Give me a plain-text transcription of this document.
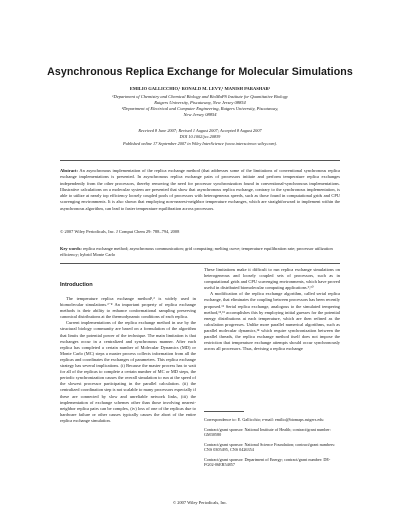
Asynchronous Replica Exchange for Molecular Simulations
EMILIO GALLICCHIO,¹ RONALD M. LEVY,¹ MANISH PARASHAR²
¹Department of Chemistry and Chemical Biology and BioMaPS Institute for Quantitative Biology
Rutgers University, Piscataway, New Jersey 08854
²Department of Electrical and Computer Engineering, Rutgers University, Piscataway,
New Jersey 08854
Received 8 June 2007; Revised 1 August 2007; Accepted 8 August 2007
DOI 10.1002/jcc.20839
Published online 17 September 2007 in Wiley InterScience (www.interscience.wiley.com).
Abstract: An asynchronous implementation of the replica exchange method (that addresses some of the limitations of conventional synchronous replica exchange implementations is presented. In asynchronous replica exchange pairs of processors initiate and perform temperature replica exchanges independently from the other processors, thereby removing the need for processor synchronization found in conventional-synchronous implementations. Illustrative calculations on a molecular system are presented that show that asynchronous replica exchange, contrary to the synchronous implementation, is able to utilize at nearly top efficiency loosely coupled pools of processors with heterogeneous speeds, such as those found in computational grids and CPU scavenging environments. It is also shown that employing non-nearest-neighbor temperature exchanges, which are straightforward to implement within the asynchronous algorithm, can lead to faster temperature equilibration across processors.
© 2007 Wiley Periodicals, Inc. J Comput Chem 29: 788–794, 2008
Key words: replica exchange method; asynchronous communication; grid computing; melting curve; temperature equilibration rate; processor utilization efficiency; hybrid Monte Carlo
Introduction

The temperature replica exchange method¹,² is widely used in biomolecular simulations.³⁻⁸ An important property of replica exchange methods is their ability to enhance conformational sampling preserving canonical distributions at the thermodynamic conditions of each replica.

Current implementations of the replica exchange method in use by the structural biology community are based on a formulation of the algorithm that limits the potential power of the technique. The main limitation is that exchanges occur in a centralized and synchronous manner. After each replica has completed a certain number of Molecular Dynamics (MD) or Monte Carlo (MC) steps a master process collects information from all the replicas and coordinates the exchanges of parameters. This replica exchange strategy has several implications. (i) Because the master process has to wait for all of the replicas to complete a certain number of MC or MD steps, the periodic synchronization causes the overall simulation to run at the speed of the slowest processor participating in the parallel calculation. (ii) the centralized coordination step is not scalable to many processors especially if these are connected by slow and unreliable network links, (iii) the implementation of exchange schemes other than those involving nearest-neighbor replica pairs can be complex, (iv) loss of one of the replicas due to hardware failure or other causes typically causes the abort of the entire replica exchange simulation.

These limitations make it difficult to run replica exchange simulations on heterogeneous and loosely coupled sets of processors, such as in computational grids and CPU scavenging environments, which have proved useful in distributed biomolecular computing applications.⁹,¹⁰

A modification of the replica exchange algorithm, called serial replica exchange, that eliminates the coupling between processors has been recently proposed.¹¹ Serial replica exchange, analogous to the simulated tempering method,¹²,¹³ accomplishes this by employing initial guesses for the potential energy distributions at each temperature, which are then refined as the calculation progresses. Unlike more parallel numerical algorithms, such as parallel molecular dynamics,¹⁴ which require synchronization between the parallel threads, the replica exchange method itself does not impose the restriction that temperature exchange attempts should occur synchronously across all processors. Thus, devising a replica exchange

Correspondence to: E. Gallicchio; e-mail: emilio@biomaps.rutgers.edu

Contract/grant sponsor: National Institute of Health; contract/grant number: GM30580

Contract/grant sponsor: National Science Foundation; contract/grant numbers: CNS 0305495, CNS 0426354

Contract/grant sponsor: Department of Energy; contract/grant number: DE-FG02-06ER54857

© 2007 Wiley Periodicals, Inc.
